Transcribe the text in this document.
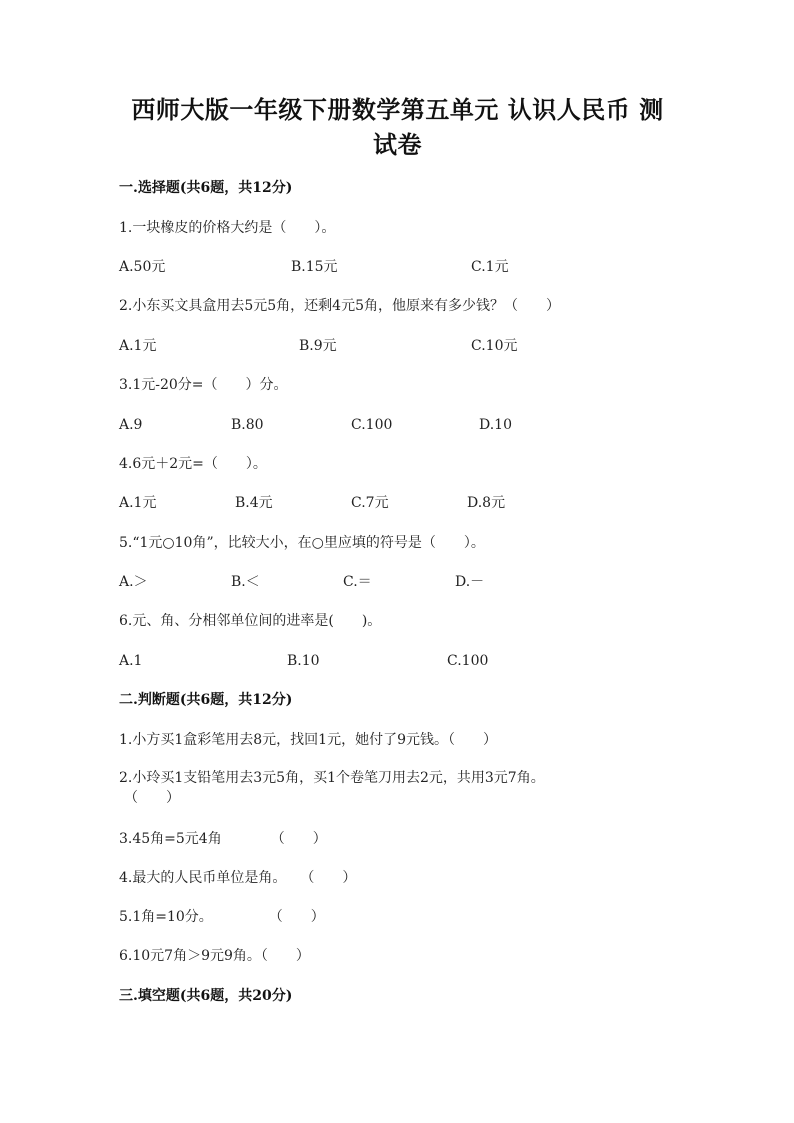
西师大版一年级下册数学第五单元 认识人民币 测
试卷
一.选择题(共6题，共12分)
1.一块橡皮的价格大约是（　　）。
A.50元	B.15元	C.1元
2.小东买文具盒用去5元5角，还剩4元5角，他原来有多少钱？（　　）
A.1元	B.9元	C.10元
3.1元-20分=（　　）分。
A.9	B.80	C.100	D.10
4.6元＋2元=（　　）。
A.1元	B.4元	C.7元	D.8元
5.“1元○10角”，比较大小，在○里应填的符号是（　　）。
A.＞	B.＜	C.＝	D.－
6.元、角、分相邻单位间的进率是(　　)。
A.1	B.10	C.100
二.判断题(共6题，共12分)
1.小方买1盒彩笔用去8元，找回1元，她付了9元钱。（　　）
2.小玲买1支铅笔用去3元5角，买1个卷笔刀用去2元，共用3元7角。
（　　）
3.45角=5元4角　　　　（　　）
4.最大的人民币单位是角。　　（　　）
5.1角=10分。　　　　　（　　）
6.10元7角＞9元9角。（　　）
三.填空题(共6题，共20分)
